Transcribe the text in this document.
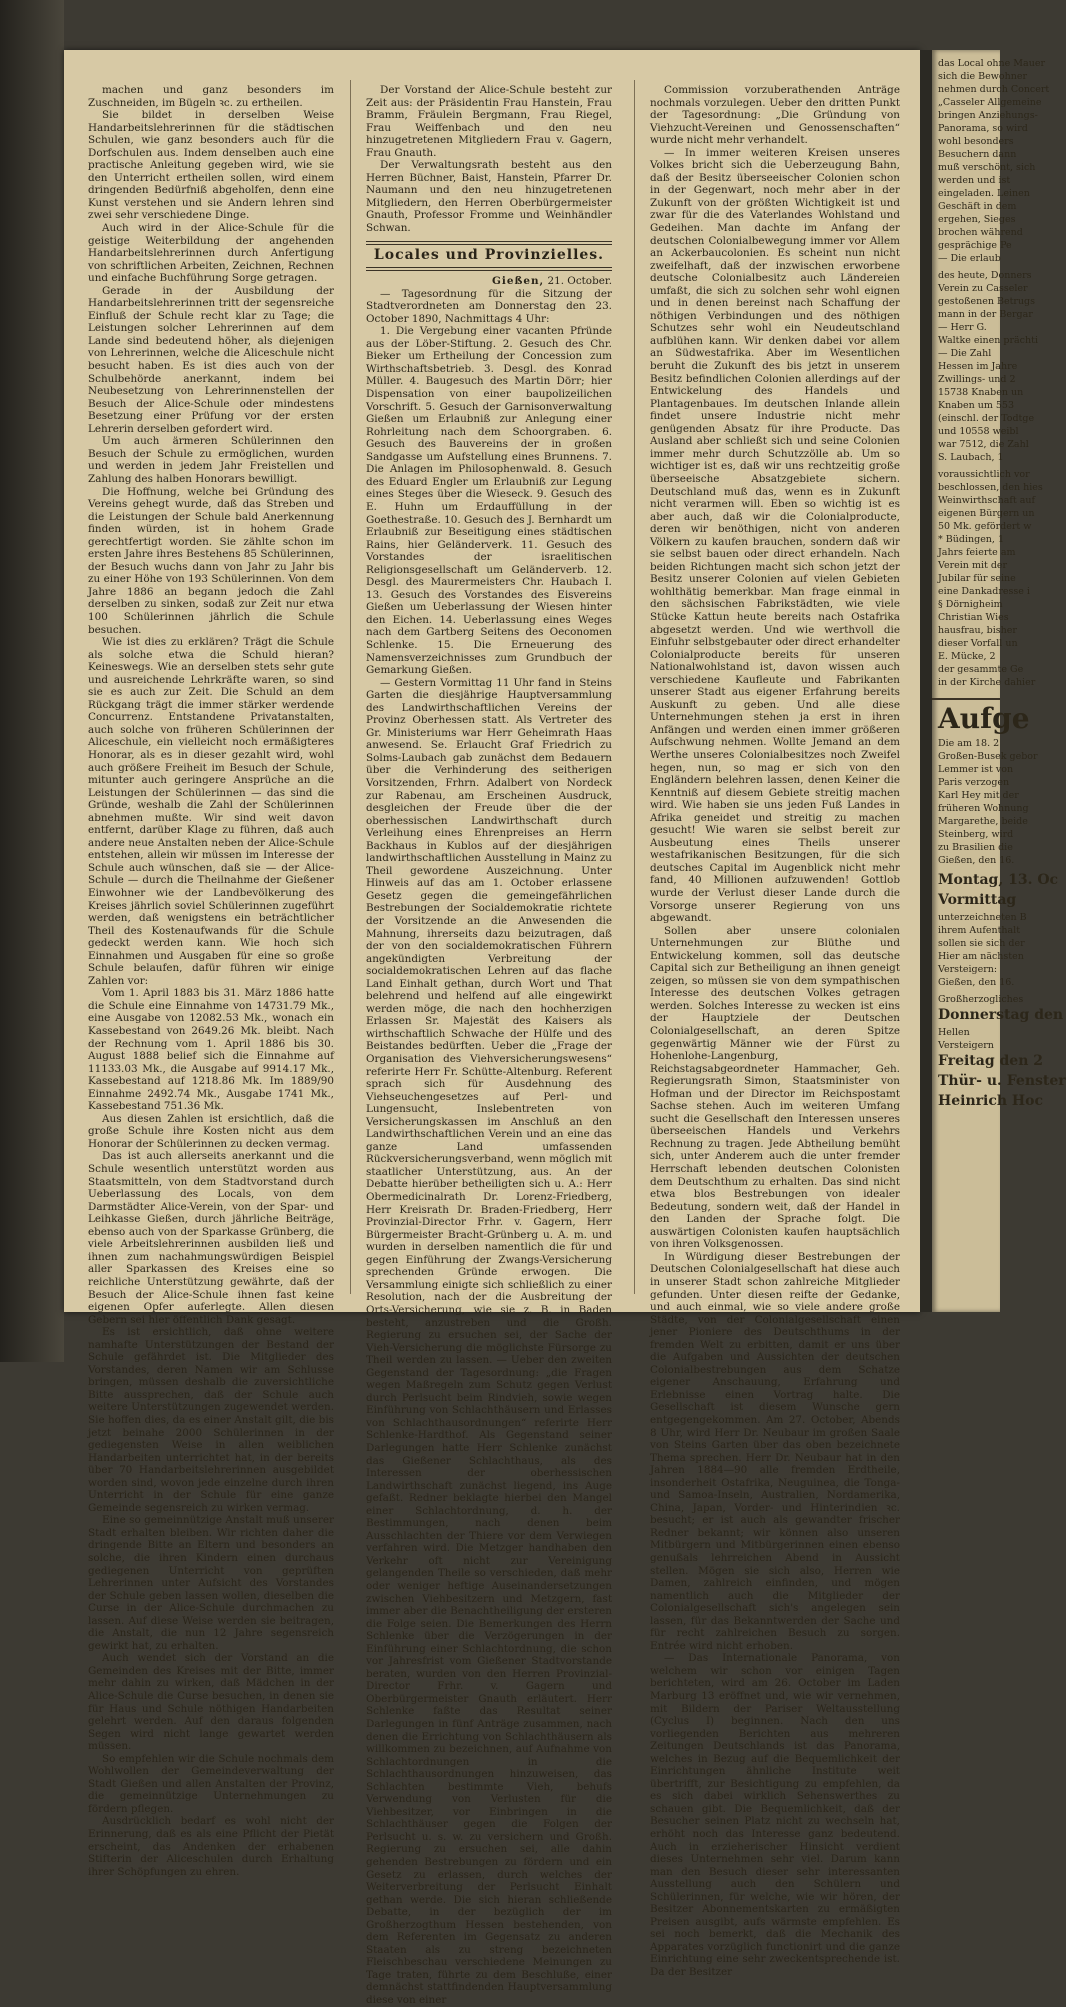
machen und ganz besonders im Zuschneiden, im Bügeln ꝛc. zu ertheilen.

Sie bildet in derselben Weise Handarbeitslehrerinnen für die städtischen Schulen, wie ganz besonders auch für die Dorfschulen aus. Indem denselben auch eine practische Anleitung gegeben wird, wie sie den Unterricht ertheilen sollen, wird einem dringenden Bedürfniß abgeholfen, denn eine Kunst verstehen und sie Andern lehren sind zwei sehr verschiedene Dinge.

Auch wird in der Alice-Schule für die geistige Weiterbildung der angehenden Handarbeitslehrerinnen durch Anfertigung von schriftlichen Arbeiten, Zeichnen, Rechnen und einfache Buchführung Sorge getragen.

Gerade in der Ausbildung der Handarbeitslehrerinnen tritt der segensreiche Einfluß der Schule recht klar zu Tage; die Leistungen solcher Lehrerinnen auf dem Lande sind bedeutend höher, als diejenigen von Lehrerinnen, welche die Aliceschule nicht besucht haben. Es ist dies auch von der Schulbehörde anerkannt, indem bei Neubesetzung von Lehrerinnenstellen der Besuch der Alice-Schule oder mindestens Besetzung einer Prüfung vor der ersten Lehrerin derselben gefordert wird.

Um auch ärmeren Schülerinnen den Besuch der Schule zu ermöglichen, wurden und werden in jedem Jahr Freistellen und Zahlung des halben Honorars bewilligt.

Die Hoffnung, welche bei Gründung des Vereins gehegt wurde, daß das Streben und die Leistungen der Schule bald Anerkennung finden würden, ist in hohem Grade gerechtfertigt worden. Sie zählte schon im ersten Jahre ihres Bestehens 85 Schülerinnen, der Besuch wuchs dann von Jahr zu Jahr bis zu einer Höhe von 193 Schülerinnen. Von dem Jahre 1886 an begann jedoch die Zahl derselben zu sinken, sodaß zur Zeit nur etwa 100 Schülerinnen jährlich die Schule besuchen.

Wie ist dies zu erklären? Trägt die Schule als solche etwa die Schuld hieran? Keineswegs. Wie an derselben stets sehr gute und ausreichende Lehrkräfte waren, so sind sie es auch zur Zeit. Die Schuld an dem Rückgang trägt die immer stärker werdende Concurrenz. Entstandene Privatanstalten, auch solche von früheren Schülerinnen der Aliceschule, ein vielleicht noch ermäßigteres Honorar, als es in dieser gezahlt wird, wohl auch größere Freiheit im Besuch der Schule, mitunter auch geringere Ansprüche an die Leistungen der Schülerinnen — das sind die Gründe, weshalb die Zahl der Schülerinnen abnehmen mußte. Wir sind weit davon entfernt, darüber Klage zu führen, daß auch andere neue Anstalten neben der Alice-Schule entstehen, allein wir müssen im Interesse der Schule auch wünschen, daß sie — der Alice-Schule — durch die Theilnahme der Gießener Einwohner wie der Landbevölkerung des Kreises jährlich soviel Schülerinnen zugeführt werden, daß wenigstens ein beträchtlicher Theil des Kostenaufwands für die Schule gedeckt werden kann. Wie hoch sich Einnahmen und Ausgaben für eine so große Schule belaufen, dafür führen wir einige Zahlen vor:

Vom 1. April 1883 bis 31. März 1886 hatte die Schule eine Einnahme von 14731.79 Mk., eine Ausgabe von 12082.53 Mk., wonach ein Kassebestand von 2649.26 Mk. bleibt. Nach der Rechnung vom 1. April 1886 bis 30. August 1888 belief sich die Einnahme auf 11133.03 Mk., die Ausgabe auf 9914.17 Mk., Kassebestand auf 1218.86 Mk. Im 1889/90 Einnahme 2492.74 Mk., Ausgabe 1741 Mk., Kassebestand 751.36 Mk.

Aus diesen Zahlen ist ersichtlich, daß die große Schule ihre Kosten nicht aus dem Honorar der Schülerinnen zu decken vermag.

Das ist auch allerseits anerkannt und die Schule wesentlich unterstützt worden aus Staatsmitteln, von dem Stadtvorstand durch Ueberlassung des Locals, von dem Darmstädter Alice-Verein, von der Spar- und Leihkasse Gießen, durch jährliche Beiträge, ebenso auch von der Sparkasse Grünberg, die viele Arbeitslehrerinnen ausbilden ließ und ihnen zum nachahmungswürdigen Beispiel aller Sparkassen des Kreises eine so reichliche Unterstützung gewährte, daß der Besuch der Alice-Schule ihnen fast keine eigenen Opfer auferlegte. Allen diesen Gebern sei hier öffentlich Dank gesagt.

Es ist ersichtlich, daß ohne weitere namhafte Unterstützungen der Bestand der Schule gefährdet ist. Die Mitglieder des Vorstandes, deren Namen wir am Schlusse bringen, müssen deshalb die zuversichtliche Bitte aussprechen, daß der Schule auch weitere Unterstützungen zugewendet werden. Sie hoffen dies, da es einer Anstalt gilt, die bis jetzt beinahe 2000 Schülerinnen in der gediegensten Weise in allen weiblichen Handarbeiten unterrichtet hat, in der bereits über 70 Handarbeitslehrerinnen ausgebildet worden sind, wovon jede einzelne durch ihren Unterricht in der Schule für eine ganze Gemeinde segensreich zu wirken vermag.

Eine so gemeinnützige Anstalt muß unserer Stadt erhalten bleiben. Wir richten daher die dringende Bitte an Eltern und besonders an solche, die ihren Kindern einen durchaus gediegenen Unterricht von geprüften Lehrerinnen unter Aufsicht des Vorstandes der Schule geben lassen wollen, dieselben die Curse in der Alice-Schule durchmachen zu lassen. Auf diese Weise werden sie beitragen, die Anstalt, die nun 12 Jahre segensreich gewirkt hat, zu erhalten.

Auch wendet sich der Vorstand an die Gemeinden des Kreises mit der Bitte, immer mehr dahin zu wirken, daß Mädchen in der Alice-Schule die Curse besuchen, in denen sie für Haus und Schule nöthigen Handarbeiten gelehrt werden. Auf den daraus folgenden Segen wird nicht lange gewartet werden müssen.

So empfehlen wir die Schule nochmals dem Wohlwollen der Gemeindeverwaltung der Stadt Gießen und allen Anstalten der Provinz, die gemeinnützige Unternehmungen zu fördern pflegen.

Ausdrücklich bedarf es wohl nicht der Erinnerung, daß es als eine Pflicht der Pietät erscheint, das Andenken der erhabenen Stifterin der Aliceschulen durch Erhaltung ihrer Schöpfungen zu ehren.

Der Vorstand der Alice-Schule besteht zur Zeit aus: der Präsidentin Frau Hanstein, Frau Bramm, Fräulein Bergmann, Frau Riegel, Frau Weiffenbach und den neu hinzugetretenen Mitgliedern Frau v. Gagern, Frau Gnauth.

Der Verwaltungsrath besteht aus den Herren Büchner, Baist, Hanstein, Pfarrer Dr. Naumann und den neu hinzugetretenen Mitgliedern, den Herren Oberbürgermeister Gnauth, Professor Fromme und Weinhändler Schwan.

Locales und Provinzielles.

Gießen, 21. October.

— Tagesordnung für die Sitzung der Stadtverordneten am Donnerstag den 23. October 1890, Nachmittags 4 Uhr:

1. Die Vergebung einer vacanten Pfründe aus der Löber-Stiftung. 2. Gesuch des Chr. Bieker um Ertheilung der Concession zum Wirthschaftsbetrieb. 3. Desgl. des Konrad Müller. 4. Baugesuch des Martin Dörr; hier Dispensation von einer baupolizeilichen Vorschrift. 5. Gesuch der Garnisonverwaltung Gießen um Erlaubniß zur Anlegung einer Rohrleitung nach dem Schoorgraben. 6. Gesuch des Bauvereins der in großen Sandgasse um Aufstellung eines Brunnens. 7. Die Anlagen im Philosophenwald. 8. Gesuch des Eduard Engler um Erlaubniß zur Legung eines Steges über die Wieseck. 9. Gesuch des E. Huhn um Erdauffüllung in der Goethestraße. 10. Gesuch des J. Bernhardt um Erlaubniß zur Beseitigung eines städtischen Rains, hier Geländerverk. 11. Gesuch des Vorstandes der israelitischen Religionsgesellschaft um Geländerverb. 12. Desgl. des Maurermeisters Chr. Haubach I. 13. Gesuch des Vorstandes des Eisvereins Gießen um Ueberlassung der Wiesen hinter den Eichen. 14. Ueberlassung eines Weges nach dem Gartberg Seitens des Oeconomen Schlenke. 15. Die Erneuerung des Namensverzeichnisses zum Grundbuch der Gemarkung Gießen.

— Gestern Vormittag 11 Uhr fand in Steins Garten die diesjährige Hauptversammlung des Landwirthschaftlichen Vereins der Provinz Oberhessen statt. Als Vertreter des Gr. Ministeriums war Herr Geheimrath Haas anwesend. Se. Erlaucht Graf Friedrich zu Solms-Laubach gab zunächst dem Bedauern über die Verhinderung des seitherigen Vorsitzenden, Frhrn. Adalbert von Nordeck zur Rabenau, am Erscheinen Ausdruck, desgleichen der Freude über die der oberhessischen Landwirthschaft durch Verleihung eines Ehrenpreises an Herrn Backhaus in Kublos auf der diesjährigen landwirthschaftlichen Ausstellung in Mainz zu Theil gewordene Auszeichnung. Unter Hinweis auf das am 1. October erlassene Gesetz gegen die gemeingefährlichen Bestrebungen der Socialdemokratie richtete der Vorsitzende an die Anwesenden die Mahnung, ihrerseits dazu beizutragen, daß der von den socialdemokratischen Führern angekündigten Verbreitung der socialdemokratischen Lehren auf das flache Land Einhalt gethan, durch Wort und That belehrend und helfend auf alle eingewirkt werden möge, die nach den hochherzigen Erlassen Sr. Majestät des Kaisers als wirthschaftlich Schwache der Hülfe und des Beistandes bedürften. Ueber die „Frage der Organisation des Viehversicherungswesens“ referirte Herr Fr. Schütte-Altenburg. Referent sprach sich für Ausdehnung des Viehseuchengesetzes auf Perl- und Lungensucht, Inslebentreten von Versicherungskassen im Anschluß an den Landwirthschaftlichen Verein und an eine das ganze Land umfassenden Rückversicherungsverband, wenn möglich mit staatlicher Unterstützung, aus. An der Debatte hierüber betheiligten sich u. A.: Herr Obermedicinalrath Dr. Lorenz-Friedberg, Herr Kreisrath Dr. Braden-Friedberg, Herr Provinzial-Director Frhr. v. Gagern, Herr Bürgermeister Bracht-Grünberg u. A. m. und wurden in derselben namentlich die für und gegen Einführung der Zwangs-Versicherung sprechenden Gründe erwogen. Die Versammlung einigte sich schließlich zu einer Resolution, nach der die Ausbreitung der Orts-Versicherung, wie sie z. B. in Baden besteht, anzustreben und die Großh. Regierung zu ersuchen sei, der Sache der Vieh-Versicherung die möglichste Fürsorge zu Theil werden zu lassen. — Ueber den zweiten Gegenstand der Tagesordnung: „die Fragen wegen Maßregeln zum Schutz gegen Verlust durch Perlsucht beim Rindvieh, sowie wegen Einführung von Schlachthäusern und Erlasses von Schlachthausordnungen“ referirte Herr Schlenke-Hardthof. Als Gegenstand seiner Darlegungen hatte Herr Schlenke zunächst das Gießener Schlachthaus, als des Interessen der oberhessischen Landwirthschaft zunächst liegend, ins Auge gefaßt. Redner beklagte hierbei den Mangel einer Schlachtordnung, d. h. der Bestimmungen, nach denen beim Ausschlachten der Thiere vor dem Verwiegen verfahren wird. Die Metzger handhaben den Verkehr oft nicht zur Vereinigung gelangenden Theile so verschieden, daß mehr oder weniger heftige Auseinandersetzungen zwischen Viehbesitzern und Metzgern, fast immer aber die Benachtheiligung der ersteren die Folge seien. Die Bemerkungen des Herrn Schlenke über die Verzögerungen in der Einführung einer Schlachtordnung, die schon vor Jahresfrist vom Gießener Stadtvorstande beraten, wurden von den Herren Provinzial-Director Frhr. v. Gagern und Oberbürgermeister Gnauth erläutert. Herr Schlenke faßte das Resultat seiner Darlegungen in fünf Anträge zusammen, nach denen die Errichtung von Schlachthäusern als willkommen zu bezeichnen, auf Aufnahme von Schlachtordnungen in die Schlachthausordnungen hinzuweisen, das Schlachten bestimmte Vieh, behufs Verwendung von Verlusten für die Viehbesitzer, vor Einbringen in die Schlachthäuser gegen die Folgen der Perlsucht u. s. w. zu versichern und Großh. Regierung zu ersuchen sei, alle dahin gehenden Bestrebungen zu fördern und ein Gesetz zu erlassen, durch welches der Weiterverbreitung der Perlsucht Einhalt gethan werde. Die sich hieran schließende Debatte, in der bezüglich der im Großherzogthum Hessen bestehenden, von dem Referenten im Gegensatz zu anderen Staaten als zu streng bezeichneten Fleischbeschau verschiedene Meinungen zu Tage traten, führte zu dem Beschluße, einer demnächst stattfindenden Hauptversammlung diese von einer

Commission vorzuberathenden Anträge nochmals vorzulegen. Ueber den dritten Punkt der Tagesordnung: „Die Gründung von Viehzucht-Vereinen und Genossenschaften“ wurde nicht mehr verhandelt.

— In immer weiteren Kreisen unseres Volkes bricht sich die Ueberzeugung Bahn, daß der Besitz überseeischer Colonien schon in der Gegenwart, noch mehr aber in der Zukunft von der größten Wichtigkeit ist und zwar für die des Vaterlandes Wohlstand und Gedeihen. Man dachte im Anfang der deutschen Colonialbewegung immer vor Allem an Ackerbaucolonien. Es scheint nun nicht zweifelhaft, daß der inzwischen erworbene deutsche Colonialbesitz auch Ländereien umfaßt, die sich zu solchen sehr wohl eignen und in denen bereinst nach Schaffung der nöthigen Verbindungen und des nöthigen Schutzes sehr wohl ein Neudeutschland aufblühen kann. Wir denken dabei vor allem an Südwestafrika. Aber im Wesentlichen beruht die Zukunft des bis jetzt in unserem Besitz befindlichen Colonien allerdings auf der Entwickelung des Handels und Plantagenbaues. Im deutschen Inlande allein findet unsere Industrie nicht mehr genügenden Absatz für ihre Producte. Das Ausland aber schließt sich und seine Colonien immer mehr durch Schutzzölle ab. Um so wichtiger ist es, daß wir uns rechtzeitig große überseeische Absatzgebiete sichern. Deutschland muß das, wenn es in Zukunft nicht verarmen will. Eben so wichtig ist es aber auch, daß wir die Colonialproducte, deren wir benöthigen, nicht von anderen Völkern zu kaufen brauchen, sondern daß wir sie selbst bauen oder direct erhandeln. Nach beiden Richtungen macht sich schon jetzt der Besitz unserer Colonien auf vielen Gebieten wohlthätig bemerkbar. Man frage einmal in den sächsischen Fabrikstädten, wie viele Stücke Kattun heute bereits nach Ostafrika abgesetzt werden. Und wie werthvoll die Einfuhr selbstgebauter oder direct erhandelter Colonialproducte bereits für unseren Nationalwohlstand ist, davon wissen auch verschiedene Kaufleute und Fabrikanten unserer Stadt aus eigener Erfahrung bereits Auskunft zu geben. Und alle diese Unternehmungen stehen ja erst in ihren Anfängen und werden einen immer größeren Aufschwung nehmen. Wollte Jemand an dem Werthe unseres Colonialbesitzes noch Zweifel hegen, nun, so mag er sich von den Engländern belehren lassen, denen Keiner die Kenntniß auf diesem Gebiete streitig machen wird. Wie haben sie uns jeden Fuß Landes in Afrika geneidet und streitig zu machen gesucht! Wie waren sie selbst bereit zur Ausbeutung eines Theils unserer westafrikanischen Besitzungen, für die sich deutsches Capital im Augenblick nicht mehr fand, 40 Millionen aufzuwenden! Gottlob wurde der Verlust dieser Lande durch die Vorsorge unserer Regierung von uns abgewandt.

Sollen aber unsere colonialen Unternehmungen zur Blüthe und Entwickelung kommen, soll das deutsche Capital sich zur Betheiligung an ihnen geneigt zeigen, so müssen sie von dem sympathischen Interesse des deutschen Volkes getragen werden. Solches Interesse zu wecken ist eins der Hauptziele der Deutschen Colonialgesellschaft, an deren Spitze gegenwärtig Männer wie der Fürst zu Hohenlohe-Langenburg, Reichstagsabgeordneter Hammacher, Geh. Regierungsrath Simon, Staatsminister von Hofman und der Director im Reichspostamt Sachse stehen. Auch im weiteren Umfang sucht die Gesellschaft den Interessen unseres überseeischen Handels und Verkehrs Rechnung zu tragen. Jede Abtheilung bemüht sich, unter Anderem auch die unter fremder Herrschaft lebenden deutschen Colonisten dem Deutschthum zu erhalten. Das sind nicht etwa blos Bestrebungen von idealer Bedeutung, sondern weit, daß der Handel in den Landen der Sprache folgt. Die auswärtigen Colonisten kaufen hauptsächlich von ihren Volksgenossen.

In Würdigung dieser Bestrebungen der Deutschen Colonialgesellschaft hat diese auch in unserer Stadt schon zahlreiche Mitglieder gefunden. Unter diesen reifte der Gedanke, und auch einmal, wie so viele andere große Städte, von der Colonialgesellschaft einen jener Pioniere des Deutschthums in der fremden Welt zu erbitten, damit er uns über die Aufgaben und Aussichten der deutschen Colonialbestrebungen aus dem Schatze eigener Anschauung, Erfahrung und Erlebnisse einen Vortrag halte. Die Gesellschaft ist diesem Wunsche gern entgegengekommen. Am 27. October, Abends 8 Uhr, wird Herr Dr. Neubaur im großen Saale von Steins Garten über das oben bezeichnete Thema sprechen. Herr Dr. Neubaur hat in den Jahren 1884—90 alle fremden Erdtheile, insonderheit Ostafrika, Neuguinea, die Tonga- und Samoa-Inseln, Australien, Nordamerika, China, Japan, Vorder- und Hinterindien ꝛc. besucht; er ist auch als gewandter frischer Redner bekannt; wir können also unseren Mitbürgern und Mitbürgerinnen einen ebenso genußals lehrreichen Abend in Aussicht stellen. Mögen sie sich also, Herren wie Damen, zahlreich einfinden, und mögen namentlich auch die Mitglieder der Colonialgesellschaft sich's angelegen sein lassen, für das Bekanntwerden der Sache und für recht zahlreichen Besuch zu sorgen. Entrée wird nicht erhoben.

— Das Internationale Panorama, von welchem wir schon vor einigen Tagen berichteten, wird am 26. October im Laden Marburg 13 eröffnet und, wie wir vernehmen, mit Bildern der Pariser Weltausstellung (Cyclus I) beginnen. Nach den uns vorliegenden Berichten aus mehreren Zeitungen Deutschlands ist das Panorama, welches in Bezug auf die Bequemlichkeit der Einrichtungen ähnliche Institute weit übertrifft, zur Besichtigung zu empfehlen, da es sich dabei wirklich Sehenswerthes zu schauen gibt. Die Bequemlichkeit, daß der Besucher seinen Platz nicht zu wechseln hat, erhöht noch das Interesse ganz bedeutend. Auch in erzieherischer Hinsicht verdient dieses Unternehmen sehr viel. Darum kann man den Besuch dieser sehr interessanten Ausstellung auch den Schülern und Schülerinnen, für welche, wie wir hören, der Besitzer Abonnementskarten zu ermäßigten Preisen ausgibt, aufs wärmste empfehlen. Es sei noch bemerkt, daß die Mechanik des Apparates vorzüglich functionirt und die ganze Einrichtung eine sehr zweckentsprechende ist. Da der Besitzer

das Local ohne Mauer
sich die Bewohner
nehmen durch Concert
„Casseler Allgemeine
bringen Anziehungs-
Panorama, so wird
wohl besonders
Besuchern dann
muß verschönt, sich
werden und ist
eingeladen. Leinen
Geschäft in dem
ergehen, Sieges
brochen während
gesprächige Pe
— Die erlaub
des heute, Donners
Verein zu Casseler
gestoßenen Betrugs
mann in der Bergar
— Herr G.
Waltke einen prächti
— Die Zahl
Hessen im Jahre
Zwillings- und 2
15738 Knaben un
Knaben um 553
(einschl. der Todtge
und 10558 weibl
war 7512, die Zahl
S. Laubach, 1
voraussichtlich vor
beschlossen, den hies
Weinwirthschaft auf
eigenen Bürgern un
50 Mk. gefördert w
* Büdingen, 1
Jahrs feierte am
Verein mit der
Jubilar für seine
eine Dankadresse i
§ Dörnigheim
Christian Wies
hausfrau, bisher
dieser Vorfall un
E. Mücke, 2
der gesammte Ge
in der Kirche dahier
Aufge
Die am 18. 2
Großen-Busek gebor
Lemmer ist von
Paris verzogen
Karl Hey mit der
früheren Wohnung
Margarethe, beide
Steinberg, wird
zu Brasilien die
Gießen, den 16.
Montag, 13. Oc
Vormittag
unterzeichneten B
ihrem Aufenthalt
sollen sie sich der
Hier am nächsten
Versteigern:
Gießen, den 16.
Großherzogliches
Donnerstag den
Hellen
Versteigern
Freitag den 2
Thür- u. Fenster
Heinrich Hoc
